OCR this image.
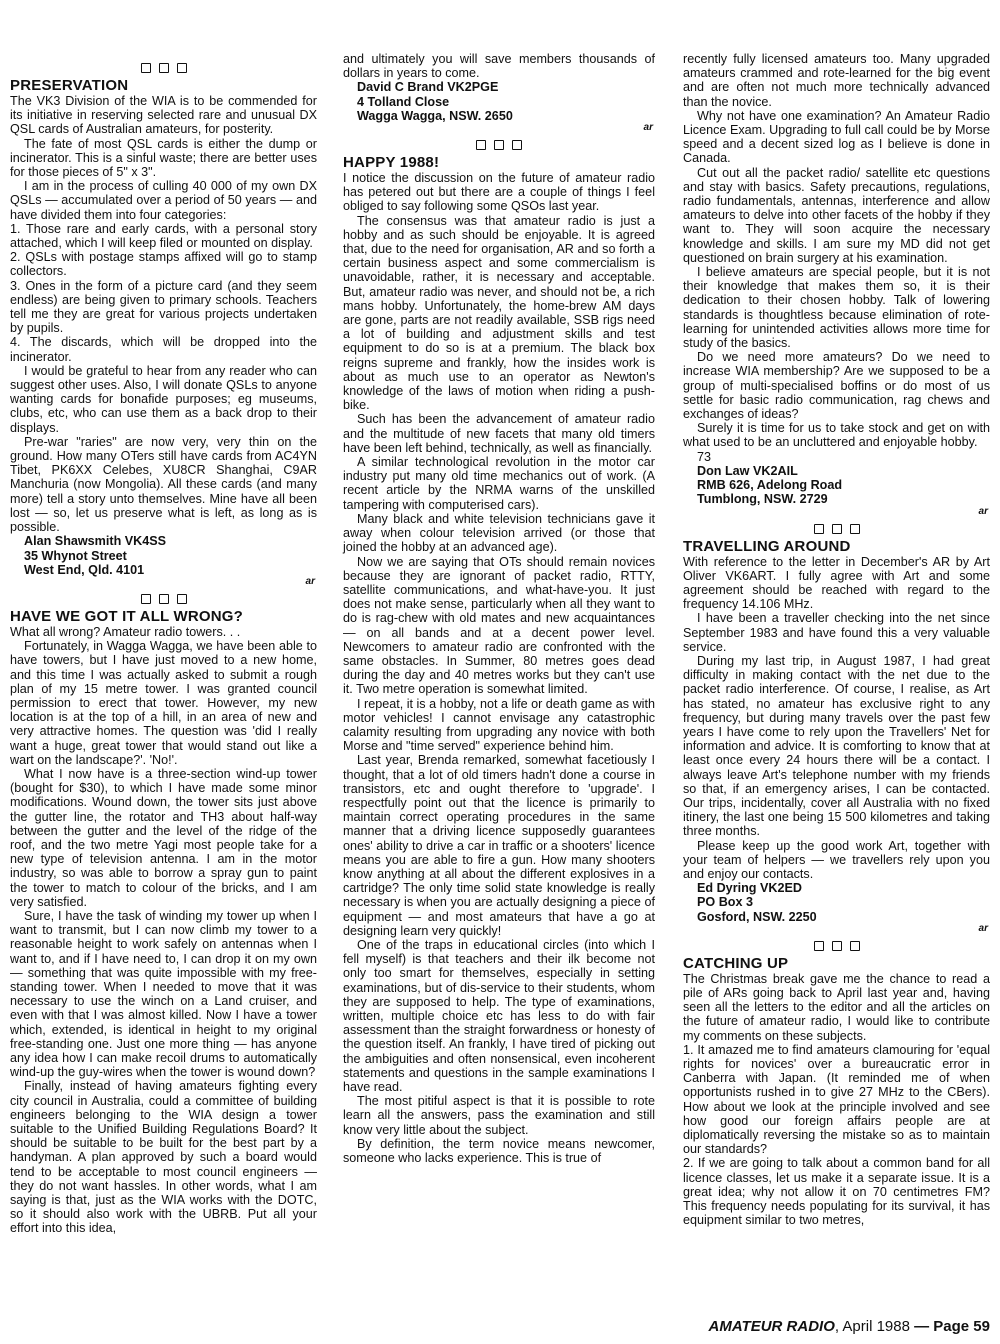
PRESERVATION

The VK3 Division of the WIA is to be commended for its initiative in reserving selected rare and unusual DX QSL cards of Australian amateurs, for posterity.

The fate of most QSL cards is either the dump or incinerator. This is a sinful waste; there are better uses for those pieces of 5" x 3".

I am in the process of culling 40 000 of my own DX QSLs — accumulated over a period of 50 years — and have divided them into four categories:

1. Those rare and early cards, with a personal story attached, which I will keep filed or mounted on display.

2. QSLs with postage stamps affixed will go to stamp collectors.

3. Ones in the form of a picture card (and they seem endless) are being given to primary schools. Teachers tell me they are great for various projects undertaken by pupils.

4. The discards, which will be dropped into the incinerator.

I would be grateful to hear from any reader who can suggest other uses. Also, I will donate QSLs to anyone wanting cards for bonafide purposes; eg museums, clubs, etc, who can use them as a back drop to their displays.

Pre-war "raries" are now very, very thin on the ground. How many OTers still have cards from AC4YN Tibet, PK6XX Celebes, XU8CR Shanghai, C9AR Manchuria (now Mongolia). All these cards (and many more) tell a story unto themselves. Mine have all been lost — so, let us preserve what is left, as long as is possible.

Alan Shawsmith VK4SS

35 Whynot Street

West End, Qld. 4101

ar
HAVE WE GOT IT ALL WRONG?

What all wrong? Amateur radio towers. . .

Fortunately, in Wagga Wagga, we have been able to have towers, but I have just moved to a new home, and this time I was actually asked to submit a rough plan of my 15 metre tower. I was granted council permission to erect that tower. However, my new location is at the top of a hill, in an area of new and very attractive homes. The question was 'did I really want a huge, great tower that would stand out like a wart on the landscape?'. 'No!'.

What I now have is a three-section wind-up tower (bought for $30), to which I have made some minor modifications. Wound down, the tower sits just above the gutter line, the rotator and TH3 about half-way between the gutter and the level of the ridge of the roof, and the two metre Yagi most people take for a new type of television antenna. I am in the motor industry, so was able to borrow a spray gun to paint the tower to match to colour of the bricks, and I am very satisfied.

Sure, I have the task of winding my tower up when I want to transmit, but I can now climb my tower to a reasonable height to work safely on antennas when I want to, and if I have need to, I can drop it on my own — something that was quite impossible with my free-standing tower. When I needed to move that it was necessary to use the winch on a Land cruiser, and even with that I was almost killed. Now I have a tower which, extended, is identical in height to my original free-standing one. Just one more thing — has anyone any idea how I can make recoil drums to automatically wind-up the guy-wires when the tower is wound down?

Finally, instead of having amateurs fighting every city council in Australia, could a committee of building engineers belonging to the WIA design a tower suitable to the Unified Building Regulations Board? It should be suitable to be built for the best part by a handyman. A plan approved by such a board would tend to be acceptable to most council engineers — they do not want hassles. In other words, what I am saying is that, just as the WIA works with the DOTC, so it should also work with the UBRB. Put all your effort into this idea,

and ultimately you will save members thousands of dollars in years to come.

David C Brand VK2PGE

4 Tolland Close

Wagga Wagga, NSW. 2650

ar
HAPPY 1988!

I notice the discussion on the future of amateur radio has petered out but there are a couple of things I feel obliged to say following some QSOs last year.

The consensus was that amateur radio is just a hobby and as such should be enjoyable. It is agreed that, due to the need for organisation, AR and so forth a certain business aspect and some commercialism is unavoidable, rather, it is necessary and acceptable. But, amateur radio was never, and should not be, a rich mans hobby. Unfortunately, the home-brew AM days are gone, parts are not readily available, SSB rigs need a lot of building and adjustment skills and test equipment to do so is at a premium. The black box reigns supreme and frankly, how the insides work is about as much use to an operator as Newton's knowledge of the laws of motion when riding a push-bike.

Such has been the advancement of amateur radio and the multitude of new facets that many old timers have been left behind, technically, as well as financially.

A similar technological revolution in the motor car industry put many old time mechanics out of work. (A recent article by the NRMA warns of the unskilled tampering with computerised cars).

Many black and white television technicians gave it away when colour television arrived (or those that joined the hobby at an advanced age).

Now we are saying that OTs should remain novices because they are ignorant of packet radio, RTTY, satellite communications, and what-have-you. It just does not make sense, particularly when all they want to do is rag-chew with old mates and new acquaintances — on all bands and at a decent power level. Newcomers to amateur radio are confronted with the same obstacles. In Summer, 80 metres goes dead during the day and 40 metres works but they can't use it. Two metre operation is somewhat limited.

I repeat, it is a hobby, not a life or death game as with motor vehicles! I cannot envisage any catastrophic calamity resulting from upgrading any novice with both Morse and "time served" experience behind him.

Last year, Brenda remarked, somewhat facetiously I thought, that a lot of old timers hadn't done a course in transistors, etc and ought therefore to 'upgrade'. I respectfully point out that the licence is primarily to maintain correct operating procedures in the same manner that a driving licence supposedly guarantees ones' ability to drive a car in traffic or a shooters' licence means you are able to fire a gun. How many shooters know anything at all about the different explosives in a cartridge? The only time solid state knowledge is really necessary is when you are actually designing a piece of equipment — and most amateurs that have a go at designing learn very quickly!

One of the traps in educational circles (into which I fell myself) is that teachers and their ilk become not only too smart for themselves, especially in setting examinations, but of dis-service to their students, whom they are supposed to help. The type of examinations, written, multiple choice etc has less to do with fair assessment than the straight forwardness or honesty of the question itself. An frankly, I have tired of picking out the ambiguities and often nonsensical, even incoherent statements and questions in the sample examinations I have read.

The most pitiful aspect is that it is possible to rote learn all the answers, pass the examination and still know very little about the subject.

By definition, the term novice means newcomer, someone who lacks experience. This is true of

recently fully licensed amateurs too. Many upgraded amateurs crammed and rote-learned for the big event and are often not much more technically advanced than the novice.

Why not have one examination? An Amateur Radio Licence Exam. Upgrading to full call could be by Morse speed and a decent sized log as I believe is done in Canada.

Cut out all the packet radio/ satellite etc questions and stay with basics. Safety precautions, regulations, radio fundamentals, antennas, interference and allow amateurs to delve into other facets of the hobby if they want to. They will soon acquire the necessary knowledge and skills. I am sure my MD did not get questioned on brain surgery at his examination.

I believe amateurs are special people, but it is not their knowledge that makes them so, it is their dedication to their chosen hobby. Talk of lowering standards is thoughtless because elimination of rote-learning for unintended activities allows more time for study of the basics.

Do we need more amateurs? Do we need to increase WIA membership? Are we supposed to be a group of multi-specialised boffins or do most of us settle for basic radio communication, rag chews and exchanges of ideas?

Surely it is time for us to take stock and get on with what used to be an uncluttered and enjoyable hobby.

73

Don Law VK2AIL

RMB 626, Adelong Road

Tumblong, NSW. 2729

ar
TRAVELLING AROUND

With reference to the letter in December's AR by Art Oliver VK6ART. I fully agree with Art and some agreement should be reached with regard to the frequency 14.106 MHz.

I have been a traveller checking into the net since September 1983 and have found this a very valuable service.

During my last trip, in August 1987, I had great difficulty in making contact with the net due to the packet radio interference. Of course, I realise, as Art has stated, no amateur has exclusive right to any frequency, but during many travels over the past few years I have come to rely upon the Travellers' Net for information and advice. It is comforting to know that at least once every 24 hours there will be a contact. I always leave Art's telephone number with my friends so that, if an emergency arises, I can be contacted. Our trips, incidentally, cover all Australia with no fixed itinery, the last one being 15 500 kilometres and taking three months.

Please keep up the good work Art, together with your team of helpers — we travellers rely upon you and enjoy our contacts.

Ed Dyring VK2ED

PO Box 3

Gosford, NSW. 2250

ar
CATCHING UP

The Christmas break gave me the chance to read a pile of ARs going back to April last year and, having seen all the letters to the editor and all the articles on the future of amateur radio, I would like to contribute my comments on these subjects.

1. It amazed me to find amateurs clamouring for 'equal rights for novices' over a bureaucratic error in Canberra with Japan. (It reminded me of when opportunists rushed in to give 27 MHz to the CBers). How about we look at the principle involved and see how good our foreign affairs people are at diplomatically reversing the mistake so as to maintain our standards?

2. If we are going to talk about a common band for all licence classes, let us make it a separate issue. It is a great idea; why not allow it on 70 centimetres FM? This frequency needs populating for its survival, it has equipment similar to two metres,

AMATEUR RADIO, April 1988 — Page 59
